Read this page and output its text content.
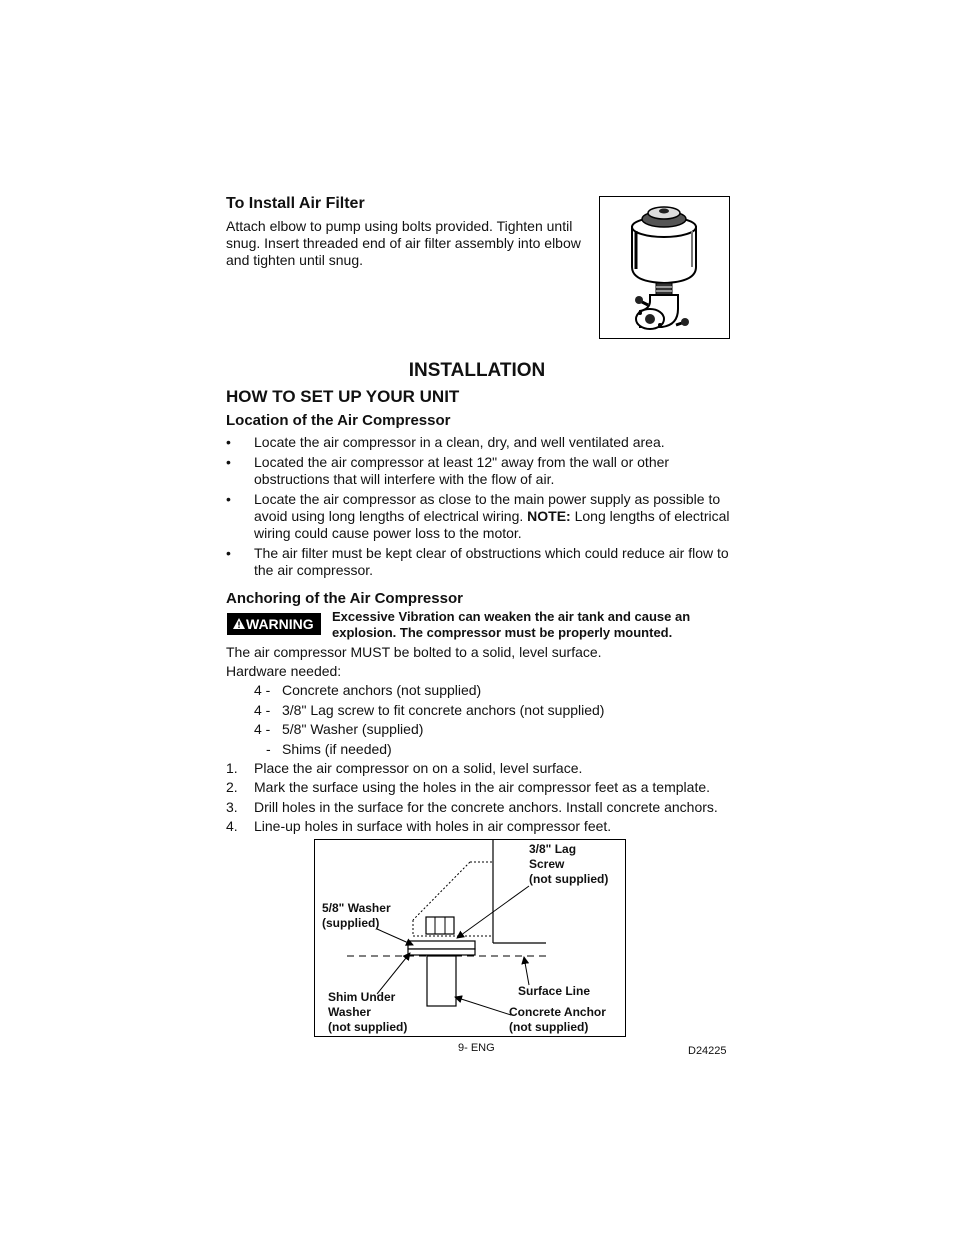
To Install Air Filter
Attach elbow to pump using bolts provided. Tighten until snug. Insert threaded end of air filter assembly into elbow and tighten until snug.
INSTALLATION
HOW TO SET UP YOUR UNIT
Location of the Air Compressor
•	Locate the air compressor in a clean, dry, and well ventilated area.
•	Located the air compressor at least 12" away from the wall or other obstructions that will interfere with the flow of air.
•	Locate the air compressor as close to the main power supply as possible to avoid using long lengths of electrical wiring. NOTE: Long lengths of electrical wiring could cause power loss to the motor.
•	The air filter must be kept clear of obstructions which could reduce air flow to the air compressor.
Anchoring of the Air Compressor
WARNING Excessive Vibration can weaken the air tank and cause an explosion. The compressor must be properly mounted.
The air compressor MUST be bolted to a solid, level surface.
Hardware needed:
4 - Concrete anchors (not supplied)
4 - 3/8" Lag screw to fit concrete anchors (not supplied)
4 - 5/8" Washer (supplied)
- Shims (if needed)
1.	Place the air compressor on on a solid, level surface.
2.	Mark the surface using the holes in the air compressor feet as a template.
3.	Drill holes in the surface for the concrete anchors. Install concrete anchors.
4.	Line-up holes in surface with holes in air compressor feet.
3/8" Lag
Screw
(not supplied)
5/8" Washer
(supplied)
Shim Under
Washer
(not supplied)
Surface Line
Concrete Anchor
(not supplied)
9- ENG	D24225
